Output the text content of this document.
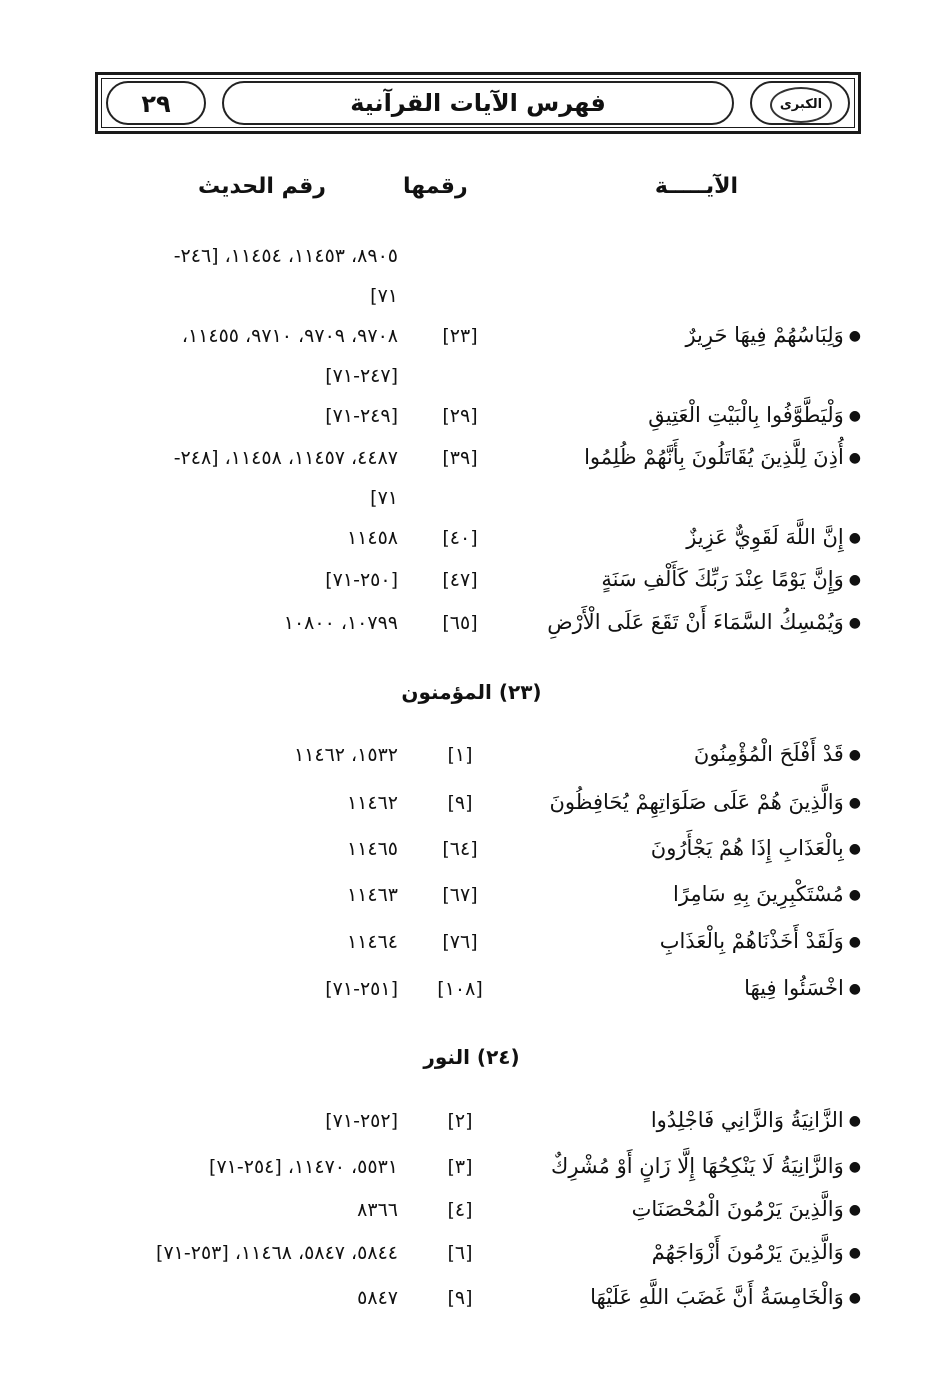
٢٩	فهرس الآيات القرآنية	الكبرى
الآيـــــة
رقمها
رقم الحديث
٨٩٠٥، ١١٤٥٣، ١١٤٥٤، [٢٤٦-
٧١]
●وَلِبَاسُهُمْ فِيهَا حَرِيرٌ
[٢٣]
٩٧٠٨، ٩٧٠٩، ٩٧١٠، ١١٤٥٥،
[٢٤٧-٧١]
●وَلْيَطَّوَّفُوا بِالْبَيْتِ الْعَتِيقِ
[٢٩]
[٢٤٩-٧١]
●أُذِنَ لِلَّذِينَ يُقَاتَلُونَ بِأَنَّهُمْ ظُلِمُوا
[٣٩]
٤٤٨٧، ١١٤٥٧، ١١٤٥٨، [٢٤٨-
٧١]
●إِنَّ اللَّهَ لَقَوِيٌّ عَزِيزٌ
[٤٠]
١١٤٥٨
●وَإِنَّ يَوْمًا عِنْدَ رَبِّكَ كَأَلْفِ سَنَةٍ
[٤٧]
[٢٥٠-٧١]
●وَيُمْسِكُ السَّمَاءَ أَنْ تَقَعَ عَلَى الْأَرْضِ
[٦٥]
١٠٧٩٩، ١٠٨٠٠
(٢٣) المؤمنون
●قَدْ أَفْلَحَ الْمُؤْمِنُونَ
[١]
١٥٣٢، ١١٤٦٢
●وَالَّذِينَ هُمْ عَلَى صَلَوَاتِهِمْ يُحَافِظُونَ
[٩]
١١٤٦٢
●بِالْعَذَابِ إِذَا هُمْ يَجْأَرُونَ
[٦٤]
١١٤٦٥
●مُسْتَكْبِرِينَ بِهِ سَامِرًا
[٦٧]
١١٤٦٣
●وَلَقَدْ أَخَذْنَاهُمْ بِالْعَذَابِ
[٧٦]
١١٤٦٤
●اخْسَئُوا فِيهَا
[١٠٨]
[٢٥١-٧١]
(٢٤) النور
●الزَّانِيَةُ وَالزَّانِي فَاجْلِدُوا
[٢]
[٢٥٢-٧١]
●وَالزَّانِيَةُ لَا يَنْكِحُهَا إِلَّا زَانٍ أَوْ مُشْرِكٌ
[٣]
٥٥٣١، ١١٤٧٠، [٢٥٤-٧١]
●وَالَّذِينَ يَرْمُونَ الْمُحْصَنَاتِ
[٤]
٨٣٦٦
●وَالَّذِينَ يَرْمُونَ أَزْوَاجَهُمْ
[٦]
٥٨٤٤، ٥٨٤٧، ١١٤٦٨، [٢٥٣-٧١]
●وَالْخَامِسَةُ أَنَّ غَضَبَ اللَّهِ عَلَيْهَا
[٩]
٥٨٤٧
